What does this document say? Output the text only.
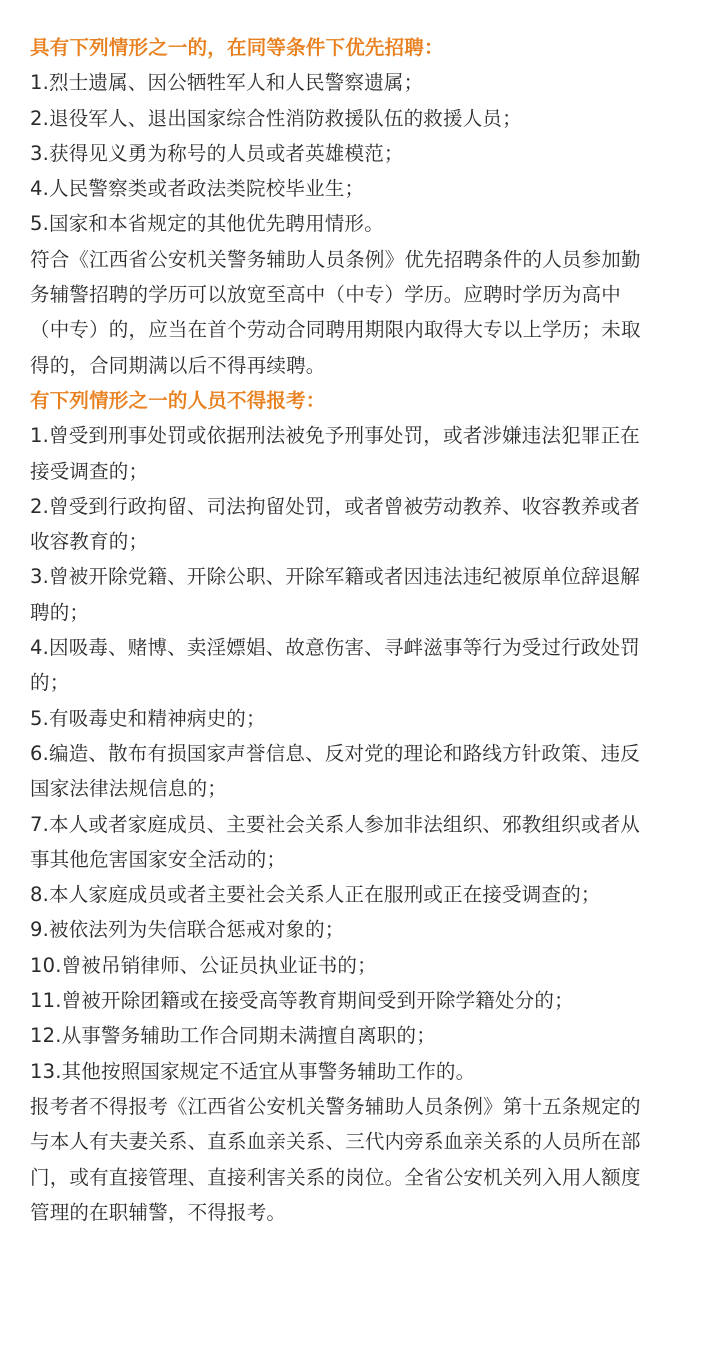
具有下列情形之一的，在同等条件下优先招聘：
1.烈士遗属、因公牺牲军人和人民警察遗属；
2.退役军人、退出国家综合性消防救援队伍的救援人员；
3.获得见义勇为称号的人员或者英雄模范；
4.人民警察类或者政法类院校毕业生；
5.国家和本省规定的其他优先聘用情形。
符合《江西省公安机关警务辅助人员条例》优先招聘条件的人员参加勤
务辅警招聘的学历可以放宽至高中（中专）学历。应聘时学历为高中
（中专）的，应当在首个劳动合同聘用期限内取得大专以上学历；未取
得的，合同期满以后不得再续聘。
有下列情形之一的人员不得报考：
1.曾受到刑事处罚或依据刑法被免予刑事处罚，或者涉嫌违法犯罪正在
接受调查的；
2.曾受到行政拘留、司法拘留处罚，或者曾被劳动教养、收容教养或者
收容教育的；
3.曾被开除党籍、开除公职、开除军籍或者因违法违纪被原单位辞退解
聘的；
4.因吸毒、赌博、卖淫嫖娼、故意伤害、寻衅滋事等行为受过行政处罚
的；
5.有吸毒史和精神病史的；
6.编造、散布有损国家声誉信息、反对党的理论和路线方针政策、违反
国家法律法规信息的；
7.本人或者家庭成员、主要社会关系人参加非法组织、邪教组织或者从
事其他危害国家安全活动的；
8.本人家庭成员或者主要社会关系人正在服刑或正在接受调查的；
9.被依法列为失信联合惩戒对象的；
10.曾被吊销律师、公证员执业证书的；
11.曾被开除团籍或在接受高等教育期间受到开除学籍处分的；
12.从事警务辅助工作合同期未满擅自离职的；
13.其他按照国家规定不适宜从事警务辅助工作的。
报考者不得报考《江西省公安机关警务辅助人员条例》第十五条规定的
与本人有夫妻关系、直系血亲关系、三代内旁系血亲关系的人员所在部
门，或有直接管理、直接利害关系的岗位。全省公安机关列入用人额度
管理的在职辅警，不得报考。
